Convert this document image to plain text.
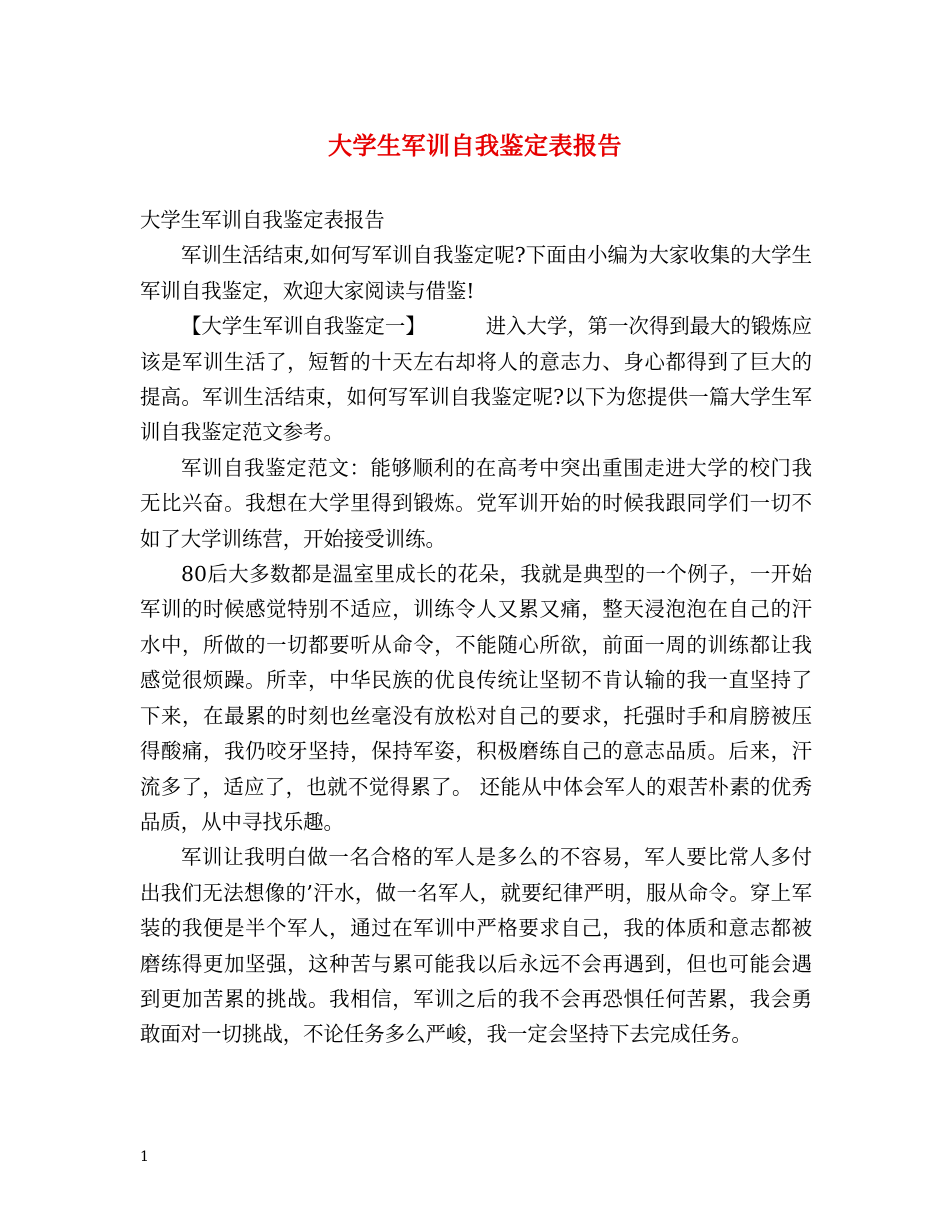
大学生军训自我鉴定表报告

大学生军训自我鉴定表报告

军训生活结束,如何写军训自我鉴定呢?下面由小编为大家收集的大学生军训自我鉴定，欢迎大家阅读与借鉴!

【大学生军训自我鉴定一】	进入大学，第一次得到最大的锻炼应该是军训生活了，短暂的十天左右却将人的意志力、身心都得到了巨大的提高。军训生活结束，如何写军训自我鉴定呢?以下为您提供一篇大学生军训自我鉴定范文参考。

军训自我鉴定范文：能够顺利的在高考中突出重围走进大学的校门我无比兴奋。我想在大学里得到锻炼。党军训开始的时候我跟同学们一切不如了大学训练营，开始接受训练。

80后大多数都是温室里成长的花朵，我就是典型的一个例子，一开始军训的时候感觉特别不适应，训练令人又累又痛，整天浸泡泡在自己的汗水中，所做的一切都要听从命令，不能随心所欲，前面一周的训练都让我感觉很烦躁。所幸，中华民族的优良传统让坚韧不肯认输的我一直坚持了下来，在最累的时刻也丝毫没有放松对自己的要求，托强时手和肩膀被压得酸痛，我仍咬牙坚持，保持军姿，积极磨练自己的意志品质。后来，汗流多了，适应了，也就不觉得累了。 还能从中体会军人的艰苦朴素的优秀品质，从中寻找乐趣。

军训让我明白做一名合格的军人是多么的不容易，军人要比常人多付出我们无法想像的’汗水，做一名军人，就要纪律严明，服从命令。穿上军装的我便是半个军人，通过在军训中严格要求自己，我的体质和意志都被磨练得更加坚强，这种苦与累可能我以后永远不会再遇到，但也可能会遇到更加苦累的挑战。我相信，军训之后的我不会再恐惧任何苦累，我会勇敢面对一切挑战，不论任务多么严峻，我一定会坚持下去完成任务。

1
